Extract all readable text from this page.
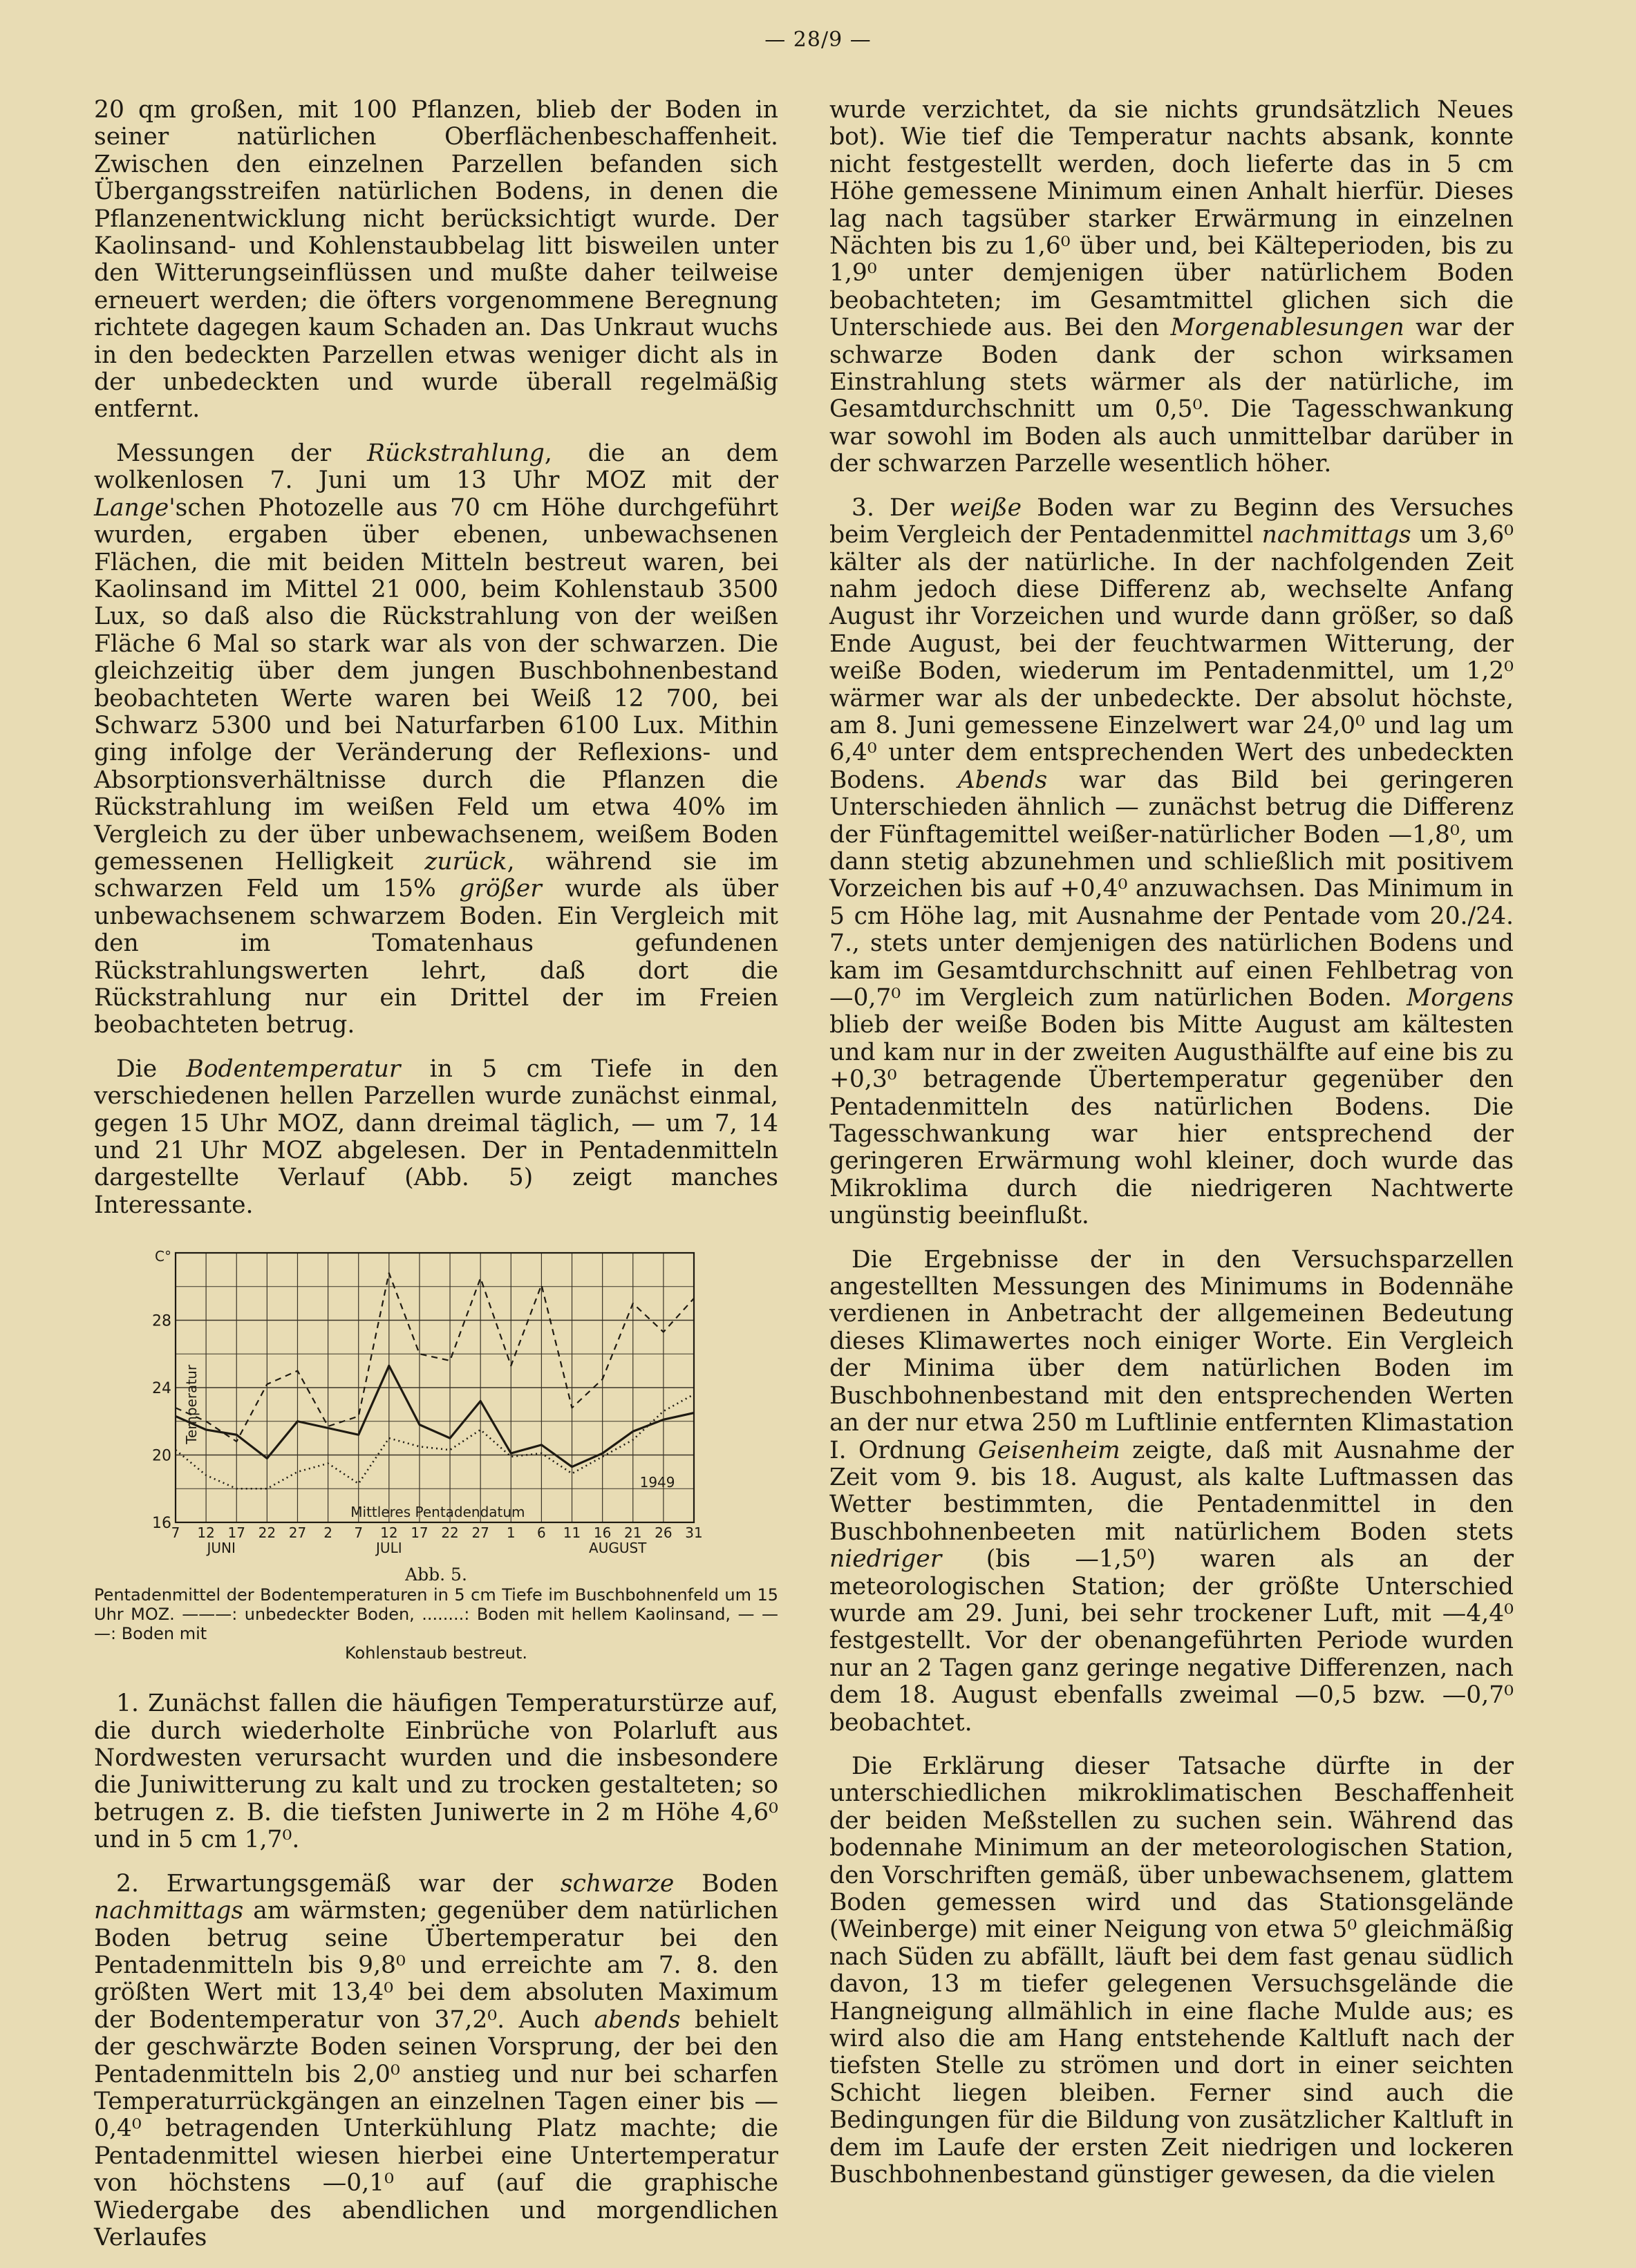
— 28/9 —

20 qm großen, mit 100 Pflanzen, blieb der Boden in seiner natürlichen Oberflächenbeschaffenheit. Zwischen den einzelnen Parzellen befanden sich Übergangsstreifen natürlichen Bodens, in denen die Pflanzenentwicklung nicht berücksichtigt wurde. Der Kaolinsand- und Kohlenstaubbelag litt bisweilen unter den Witterungseinflüssen und mußte daher teilweise erneuert werden; die öfters vorgenommene Beregnung richtete dagegen kaum Schaden an. Das Unkraut wuchs in den bedeckten Parzellen etwas weniger dicht als in der unbedeckten und wurde überall regelmäßig entfernt.

Messungen der Rückstrahlung, die an dem wolkenlosen 7. Juni um 13 Uhr MOZ mit der Lange'schen Photozelle aus 70 cm Höhe durchgeführt wurden, ergaben über ebenen, unbewachsenen Flächen, die mit beiden Mitteln bestreut waren, bei Kaolinsand im Mittel 21 000, beim Kohlenstaub 3500 Lux, so daß also die Rückstrahlung von der weißen Fläche 6 Mal so stark war als von der schwarzen. Die gleichzeitig über dem jungen Buschbohnenbestand beobachteten Werte waren bei Weiß 12 700, bei Schwarz 5300 und bei Naturfarben 6100 Lux. Mithin ging infolge der Veränderung der Reflexions- und Absorptionsverhältnisse durch die Pflanzen die Rückstrahlung im weißen Feld um etwa 40% im Vergleich zu der über unbewachsenem, weißem Boden gemessenen Helligkeit zurück, während sie im schwarzen Feld um 15% größer wurde als über unbewachsenem schwarzem Boden. Ein Vergleich mit den im Tomatenhaus gefundenen Rückstrahlungswerten lehrt, daß dort die Rückstrahlung nur ein Drittel der im Freien beobachteten betrug.

Die Bodentemperatur in 5 cm Tiefe in den verschiedenen hellen Parzellen wurde zunächst einmal, gegen 15 Uhr MOZ, dann dreimal täglich, — um 7, 14 und 21 Uhr MOZ abgelesen. Der in Pentadenmitteln dargestellte Verlauf (Abb. 5) zeigt manches Interessante.

16
20
24
28
C°
Temperatur
7 12 17 22 27 2 7 12 17 22 27 1 6 11 16 21 26 31
JUNI	JULI	AUGUST
Mittleres Pentadendatum
1949
Abb. 5.

Pentadenmittel der Bodentemperaturen in 5 cm Tiefe im Buschbohnenfeld um 15 Uhr MOZ. ———: unbedeckter Boden, ........: Boden mit hellem Kaolinsand, — — —: Boden mit
Kohlenstaub bestreut.

1. Zunächst fallen die häufigen Temperaturstürze auf, die durch wiederholte Einbrüche von Polarluft aus Nordwesten verursacht wurden und die insbesondere die Juniwitterung zu kalt und zu trocken gestalteten; so betrugen z. B. die tiefsten Juniwerte in 2 m Höhe 4,6⁰ und in 5 cm 1,7⁰.

2. Erwartungsgemäß war der schwarze Boden nachmittags am wärmsten; gegenüber dem natürlichen Boden betrug seine Übertemperatur bei den Pentadenmitteln bis 9,8⁰ und erreichte am 7. 8. den größten Wert mit 13,4⁰ bei dem absoluten Maximum der Bodentemperatur von 37,2⁰. Auch abends behielt der geschwärzte Boden seinen Vorsprung, der bei den Pentadenmitteln bis 2,0⁰ anstieg und nur bei scharfen Temperaturrückgängen an einzelnen Tagen einer bis —0,4⁰ betragenden Unterkühlung Platz machte; die Pentadenmittel wiesen hierbei eine Untertemperatur von höchstens —0,1⁰ auf (auf die graphische Wiedergabe des abendlichen und morgendlichen Verlaufes

wurde verzichtet, da sie nichts grundsätzlich Neues bot). Wie tief die Temperatur nachts absank, konnte nicht festgestellt werden, doch lieferte das in 5 cm Höhe gemessene Minimum einen Anhalt hierfür. Dieses lag nach tagsüber starker Erwärmung in einzelnen Nächten bis zu 1,6⁰ über und, bei Kälteperioden, bis zu 1,9⁰ unter demjenigen über natürlichem Boden beobachteten; im Gesamtmittel glichen sich die Unterschiede aus. Bei den Morgenablesungen war der schwarze Boden dank der schon wirksamen Einstrahlung stets wärmer als der natürliche, im Gesamtdurchschnitt um 0,5⁰. Die Tagesschwankung war sowohl im Boden als auch unmittelbar darüber in der schwarzen Parzelle wesentlich höher.

3. Der weiße Boden war zu Beginn des Versuches beim Vergleich der Pentadenmittel nachmittags um 3,6⁰ kälter als der natürliche. In der nachfolgenden Zeit nahm jedoch diese Differenz ab, wechselte Anfang August ihr Vorzeichen und wurde dann größer, so daß Ende August, bei der feuchtwarmen Witterung, der weiße Boden, wiederum im Pentadenmittel, um 1,2⁰ wärmer war als der unbedeckte. Der absolut höchste, am 8. Juni gemessene Einzelwert war 24,0⁰ und lag um 6,4⁰ unter dem entsprechenden Wert des unbedeckten Bodens. Abends war das Bild bei geringeren Unterschieden ähnlich — zunächst betrug die Differenz der Fünftagemittel weißer-natürlicher Boden —1,8⁰, um dann stetig abzunehmen und schließlich mit positivem Vorzeichen bis auf +0,4⁰ anzuwachsen. Das Minimum in 5 cm Höhe lag, mit Ausnahme der Pentade vom 20./24. 7., stets unter demjenigen des natürlichen Bodens und kam im Gesamtdurchschnitt auf einen Fehlbetrag von —0,7⁰ im Vergleich zum natürlichen Boden. Morgens blieb der weiße Boden bis Mitte August am kältesten und kam nur in der zweiten Augusthälfte auf eine bis zu +0,3⁰ betragende Übertemperatur gegenüber den Pentadenmitteln des natürlichen Bodens. Die Tagesschwankung war hier entsprechend der geringeren Erwärmung wohl kleiner, doch wurde das Mikroklima durch die niedrigeren Nachtwerte ungünstig beeinflußt.

Die Ergebnisse der in den Versuchsparzellen angestellten Messungen des Minimums in Bodennähe verdienen in Anbetracht der allgemeinen Bedeutung dieses Klimawertes noch einiger Worte. Ein Vergleich der Minima über dem natürlichen Boden im Buschbohnenbestand mit den entsprechenden Werten an der nur etwa 250 m Luftlinie entfernten Klimastation I. Ordnung Geisenheim zeigte, daß mit Ausnahme der Zeit vom 9. bis 18. August, als kalte Luftmassen das Wetter bestimmten, die Pentadenmittel in den Buschbohnenbeeten mit natürlichem Boden stets niedriger (bis —1,5⁰) waren als an der meteorologischen Station; der größte Unterschied wurde am 29. Juni, bei sehr trockener Luft, mit —4,4⁰ festgestellt. Vor der obenangeführten Periode wurden nur an 2 Tagen ganz geringe negative Differenzen, nach dem 18. August ebenfalls zweimal —0,5 bzw. —0,7⁰ beobachtet.

Die Erklärung dieser Tatsache dürfte in der unterschiedlichen mikroklimatischen Beschaffenheit der beiden Meßstellen zu suchen sein. Während das bodennahe Minimum an der meteorologischen Station, den Vorschriften gemäß, über unbewachsenem, glattem Boden gemessen wird und das Stationsgelände (Weinberge) mit einer Neigung von etwa 5⁰ gleichmäßig nach Süden zu abfällt, läuft bei dem fast genau südlich davon, 13 m tiefer gelegenen Versuchsgelände die Hangneigung allmählich in eine flache Mulde aus; es wird also die am Hang entstehende Kaltluft nach der tiefsten Stelle zu strömen und dort in einer seichten Schicht liegen bleiben. Ferner sind auch die Bedingungen für die Bildung von zusätzlicher Kaltluft in dem im Laufe der ersten Zeit niedrigen und lockeren Buschbohnenbestand günstiger gewesen, da die vielen
